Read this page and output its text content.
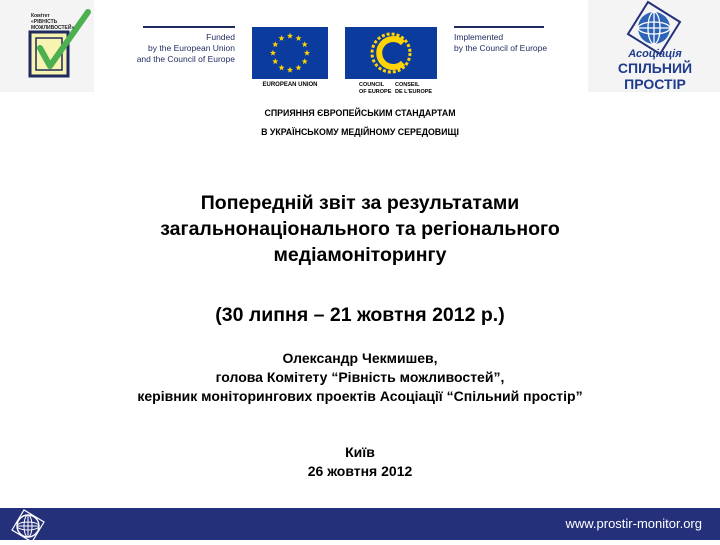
Комітет
«РІВНІСТЬ
МОЖЛИВОСТЕЙ»
Funded
by the European Union
and the Council of Europe
EUROPEAN UNION	COUNCIL
OF EUROPE
CONSEIL
DE L'EUROPE
Implemented
by the Council of Europe
СПРИЯННЯ ЄВРОПЕЙСЬКИМ СТАНДАРТАМ
В УКРАЇНСЬКОМУ МЕДІЙНОМУ СЕРЕДОВИЩІ
Асоціація
СПІЛЬНИЙ ПРОСТІР
Попередній звіт за результатами
загальнонаціонального та регіонального
медіамоніторингу
(30 липня – 21 жовтня 2012 р.)
Олександр Чекмишев,
голова Комітету “Рівність можливостей”,
керівник моніторингових проектів Асоціації “Спільний простір”
Київ
26 жовтня 2012
www.prostir-monitor.org
